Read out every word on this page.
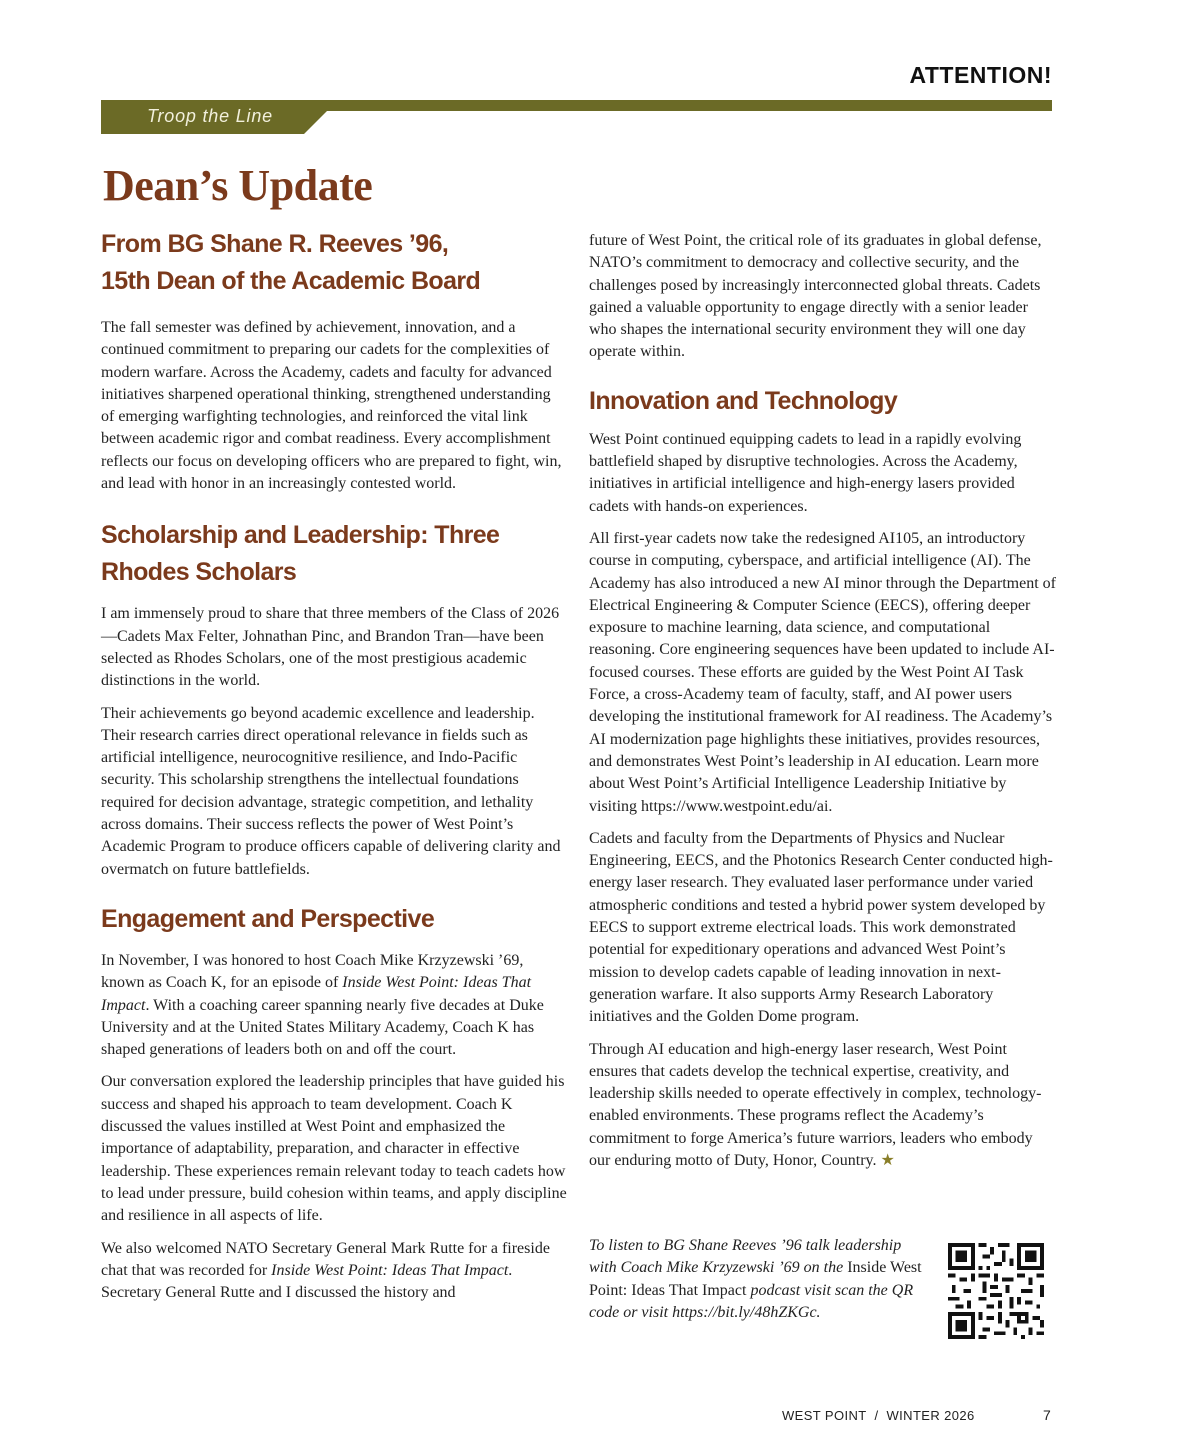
ATTENTION!
Troop the Line
Dean’s Update
From BG Shane R. Reeves ’96,
15th Dean of the Academic Board

The fall semester was defined by achievement, innovation, and a continued commitment to preparing our cadets for the complexities of modern warfare. Across the Academy, cadets and faculty for advanced initiatives sharpened operational thinking, strengthened understanding of emerging warfighting technologies, and reinforced the vital link between academic rigor and combat readiness. Every accomplishment reflects our focus on developing officers who are prepared to fight, win, and lead with honor in an increasingly contested world.

Scholarship and Leadership: Three
Rhodes Scholars

I am immensely proud to share that three members of the Class of 2026—Cadets Max Felter, Johnathan Pinc, and Brandon Tran—have been selected as Rhodes Scholars, one of the most prestigious academic distinctions in the world.

Their achievements go beyond academic excellence and leadership. Their research carries direct operational relevance in fields such as artificial intelligence, neurocognitive resilience, and Indo-Pacific security. This scholarship strengthens the intellectual foundations required for decision advantage, strategic competition, and lethality across domains. Their success reflects the power of West Point’s Academic Program to produce officers capable of delivering clarity and overmatch on future battlefields.

Engagement and Perspective

In November, I was honored to host Coach Mike Krzyzewski ’69, known as Coach K, for an episode of Inside West Point: Ideas That Impact. With a coaching career spanning nearly five decades at Duke University and at the United States Military Academy, Coach K has shaped generations of leaders both on and off the court.

Our conversation explored the leadership principles that have guided his success and shaped his approach to team development. Coach K discussed the values instilled at West Point and emphasized the importance of adaptability, preparation, and character in effective leadership. These experiences remain relevant today to teach cadets how to lead under pressure, build cohesion within teams, and apply discipline and resilience in all aspects of life.

We also welcomed NATO Secretary General Mark Rutte for a fireside chat that was recorded for Inside West Point: Ideas That Impact. Secretary General Rutte and I discussed the history and

future of West Point, the critical role of its graduates in global defense, NATO’s commitment to democracy and collective security, and the challenges posed by increasingly interconnected global threats. Cadets gained a valuable opportunity to engage directly with a senior leader who shapes the international security environment they will one day operate within.

Innovation and Technology

West Point continued equipping cadets to lead in a rapidly evolving battlefield shaped by disruptive technologies. Across the Academy, initiatives in artificial intelligence and high-energy lasers provided cadets with hands-on experiences.

All first-year cadets now take the redesigned AI105, an introductory course in computing, cyberspace, and artificial intelligence (AI). The Academy has also introduced a new AI minor through the Department of Electrical Engineering & Computer Science (EECS), offering deeper exposure to machine learning, data science, and computational reasoning. Core engineering sequences have been updated to include AI-focused courses. These efforts are guided by the West Point AI Task Force, a cross-Academy team of faculty, staff, and AI power users developing the institutional framework for AI readiness. The Academy’s AI modernization page highlights these initiatives, provides resources, and demonstrates West Point’s leadership in AI education. Learn more about West Point’s Artificial Intelligence Leadership Initiative by visiting https://www.westpoint.edu/ai.

Cadets and faculty from the Departments of Physics and Nuclear Engineering, EECS, and the Photonics Research Center conducted high-energy laser research. They evaluated laser performance under varied atmospheric conditions and tested a hybrid power system developed by EECS to support extreme electrical loads. This work demonstrated potential for expeditionary operations and advanced West Point’s mission to develop cadets capable of leading innovation in next-generation warfare. It also supports Army Research Laboratory initiatives and the Golden Dome program.

Through AI education and high-energy laser research, West Point ensures that cadets develop the technical expertise, creativity, and leadership skills needed to operate effectively in complex, technology-enabled environments. These programs reflect the Academy’s commitment to forge America’s future warriors, leaders who embody our enduring motto of Duty, Honor, Country. ★

To listen to BG Shane Reeves ’96 talk leadership with Coach Mike Krzyzewski ’69 on the Inside West Point: Ideas That Impact podcast visit scan the QR code or visit https://bit.ly/48hZKGc.

WEST POINT  /  WINTER 2026	7
